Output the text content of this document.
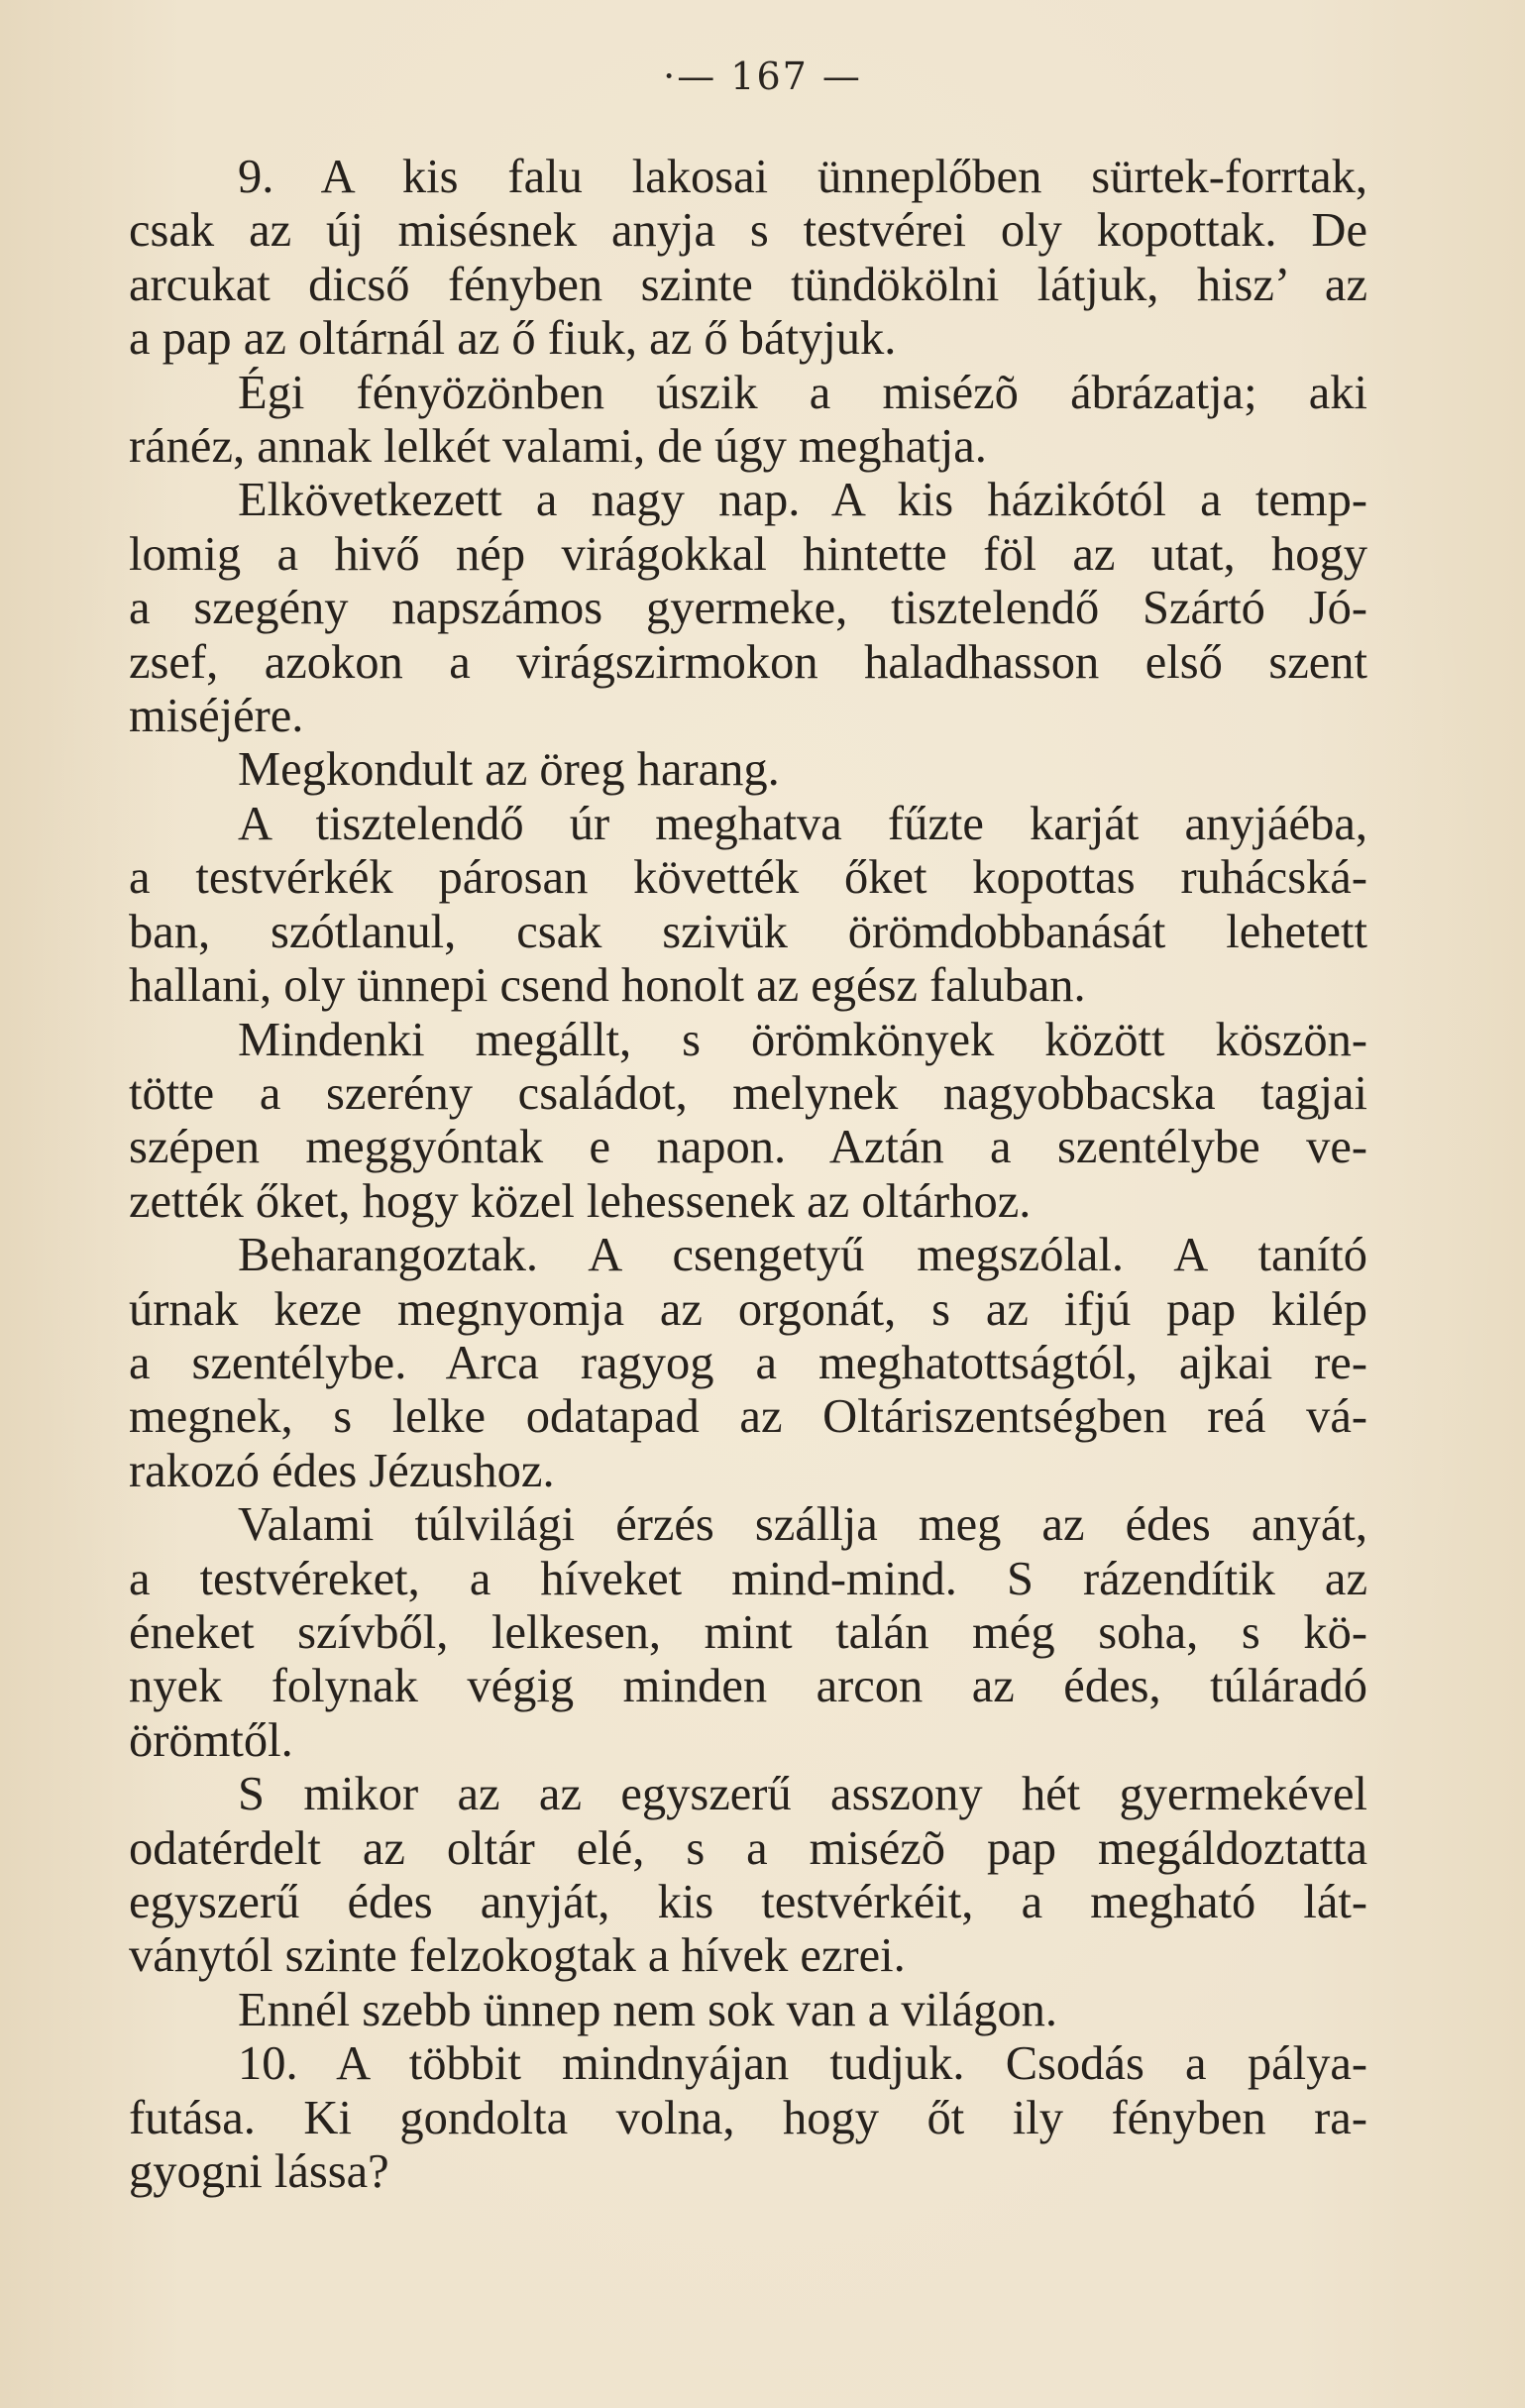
·— 167 —
9. A kis falu lakosai ünneplőben sürtek-forrtak,
csak az új misésnek anyja s testvérei oly kopottak. De
arcukat dicső fényben szinte tündökölni látjuk, hisz’ az
a pap az oltárnál az ő fiuk, az ő bátyjuk.
Égi fényözönben úszik a misézõ ábrázatja; aki
ránéz, annak lelkét valami, de úgy meghatja.
Elkövetkezett a nagy nap. A kis házikótól a temp-
lomig a hivő nép virágokkal hintette föl az utat, hogy
a szegény napszámos gyermeke, tisztelendő Szártó Jó-
zsef, azokon a virágszirmokon haladhasson első szent
miséjére.
Megkondult az öreg harang.
A tisztelendő úr meghatva fűzte karját anyjáéba,
a testvérkék párosan követték őket kopottas ruhácská-
ban, szótlanul, csak szivük örömdobbanását lehetett
hallani, oly ünnepi csend honolt az egész faluban.
Mindenki megállt, s örömkönyek között köszön-
tötte a szerény családot, melynek nagyobbacska tagjai
szépen meggyóntak e napon. Aztán a szentélybe ve-
zették őket, hogy közel lehessenek az oltárhoz.
Beharangoztak. A csengetyű megszólal. A tanító
úrnak keze megnyomja az orgonát, s az ifjú pap kilép
a szentélybe. Arca ragyog a meghatottságtól, ajkai re-
megnek, s lelke odatapad az Oltáriszentségben reá vá-
rakozó édes Jézushoz.
Valami túlvilági érzés szállja meg az édes anyát,
a testvéreket, a híveket mind-mind. S rázendítik az
éneket szívből, lelkesen, mint talán még soha, s kö-
nyek folynak végig minden arcon az édes, túláradó
örömtől.
S mikor az az egyszerű asszony hét gyermekével
odatérdelt az oltár elé, s a misézõ pap megáldoztatta
egyszerű édes anyját, kis testvérkéit, a megható lát-
ványtól szinte felzokogtak a hívek ezrei.
Ennél szebb ünnep nem sok van a világon.
10. A többit mindnyájan tudjuk. Csodás a pálya-
futása. Ki gondolta volna, hogy őt ily fényben ra-
gyogni lássa?
